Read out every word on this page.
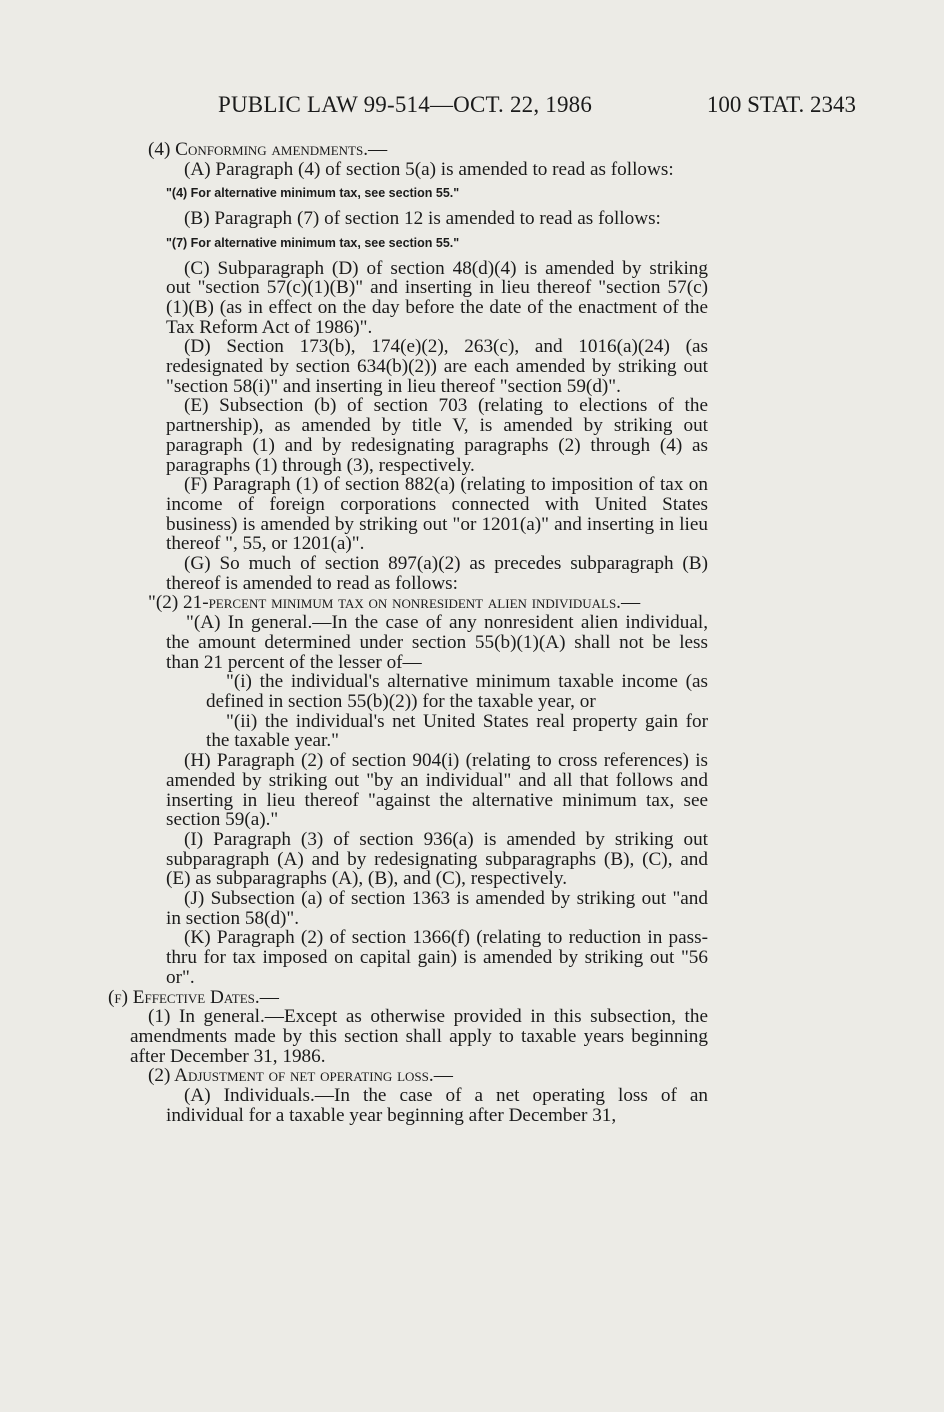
PUBLIC LAW 99-514—OCT. 22, 1986	100 STAT. 2343

(4) Conforming amendments.—

(A) Paragraph (4) of section 5(a) is amended to read as follows:

"(4) For alternative minimum tax, see section 55."

(B) Paragraph (7) of section 12 is amended to read as follows:

"(7) For alternative minimum tax, see section 55."

(C) Subparagraph (D) of section 48(d)(4) is amended by striking out "section 57(c)(1)(B)" and inserting in lieu thereof "section 57(c)(1)(B) (as in effect on the day before the date of the enactment of the Tax Reform Act of 1986)".

(D) Section 173(b), 174(e)(2), 263(c), and 1016(a)(24) (as redesignated by section 634(b)(2)) are each amended by striking out "section 58(i)" and inserting in lieu thereof "section 59(d)".

(E) Subsection (b) of section 703 (relating to elections of the partnership), as amended by title V, is amended by striking out paragraph (1) and by redesignating paragraphs (2) through (4) as paragraphs (1) through (3), respectively.

(F) Paragraph (1) of section 882(a) (relating to imposition of tax on income of foreign corporations connected with United States business) is amended by striking out "or 1201(a)" and inserting in lieu thereof ", 55, or 1201(a)".

(G) So much of section 897(a)(2) as precedes subparagraph (B) thereof is amended to read as follows:

"(2) 21-percent minimum tax on nonresident alien individuals.—

"(A) In general.—In the case of any nonresident alien individual, the amount determined under section 55(b)(1)(A) shall not be less than 21 percent of the lesser of—

"(i) the individual's alternative minimum taxable income (as defined in section 55(b)(2)) for the taxable year, or

"(ii) the individual's net United States real property gain for the taxable year."

(H) Paragraph (2) of section 904(i) (relating to cross references) is amended by striking out "by an individual" and all that follows and inserting in lieu thereof "against the alternative minimum tax, see section 59(a)."

(I) Paragraph (3) of section 936(a) is amended by striking out subparagraph (A) and by redesignating subparagraphs (B), (C), and (E) as subparagraphs (A), (B), and (C), respectively.

(J) Subsection (a) of section 1363 is amended by striking out "and in section 58(d)".

(K) Paragraph (2) of section 1366(f) (relating to reduction in pass-thru for tax imposed on capital gain) is amended by striking out "56 or".

(f) Effective Dates.—

(1) In general.—Except as otherwise provided in this subsection, the amendments made by this section shall apply to taxable years beginning after December 31, 1986.

(2) Adjustment of net operating loss.—

(A) Individuals.—In the case of a net operating loss of an individual for a taxable year beginning after December 31,
